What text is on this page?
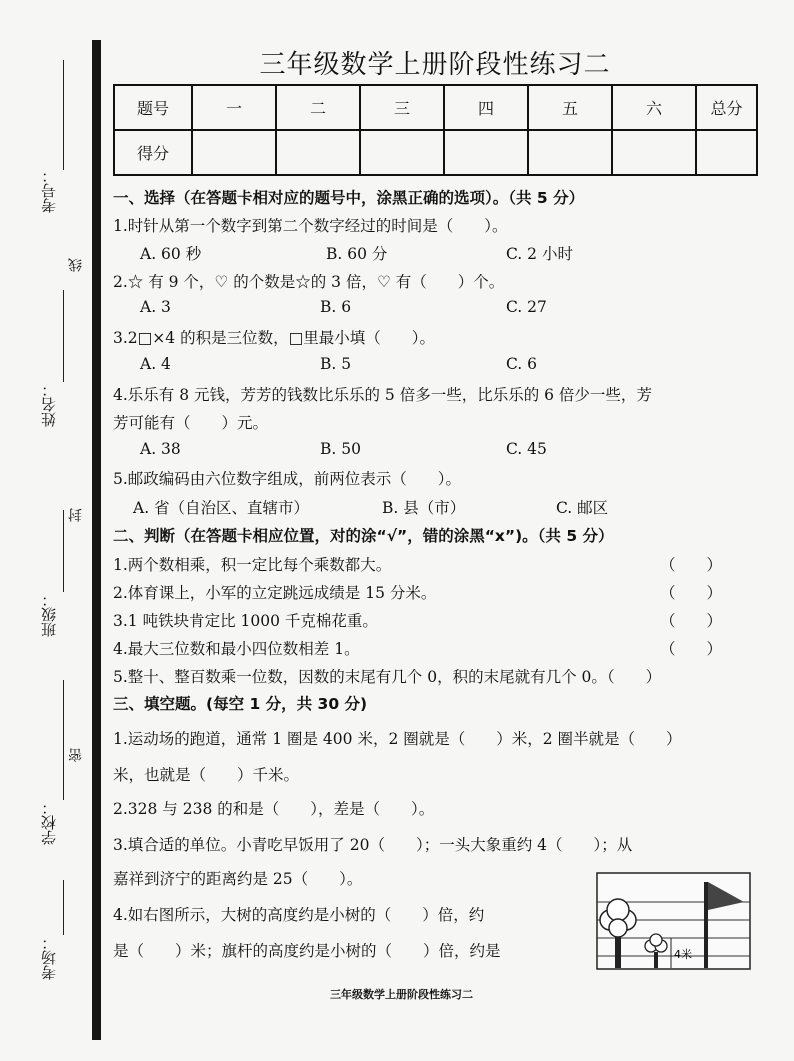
考号：
线
姓名：
封
班级：
密
学校：
考场：
三年级数学上册阶段性练习二
题号	一	二	三	四	五	六	总分
得分							
一、选择（在答题卡相对应的题号中，涂黑正确的选项）。（共 5 分）
1.时针从第一个数字到第二个数字经过的时间是（　　）。
A. 60 秒	B. 60 分	C. 2 小时
2.☆ 有 9 个，♡ 的个数是☆的 3 倍，♡ 有（　　）个。
A. 3	B. 6	C. 27
3.2□×4 的积是三位数，□里最小填（　　）。
A. 4	B. 5	C. 6
4.乐乐有 8 元钱，芳芳的钱数比乐乐的 5 倍多一些，比乐乐的 6 倍少一些，芳
芳可能有（　　）元。
A. 38	B. 50	C. 45
5.邮政编码由六位数字组成，前两位表示（　　）。
A. 省（自治区、直辖市）	B. 县（市）	C. 邮区
二、判断（在答题卡相应位置，对的涂“√”，错的涂黑“x”)。（共 5 分）
1.两个数相乘，积一定比每个乘数都大。	（　　）
2.体育课上，小军的立定跳远成绩是 15 分米。	（　　）
3.1 吨铁块肯定比 1000 千克棉花重。	（　　）
4.最大三位数和最小四位数相差 1。	（　　）
5.整十、整百数乘一位数，因数的末尾有几个 0，积的末尾就有几个 0。（　　）
三、填空题。(每空 1 分，共 30 分)
1.运动场的跑道，通常 1 圈是 400 米，2 圈就是（　　）米，2 圈半就是（　　）
米，也就是（　　）千米。
2.328 与 238 的和是（　　），差是（　　）。
3.填合适的单位。小青吃早饭用了 20（　　）；一头大象重约 4（　　）；从
嘉祥到济宁的距离约是 25（　　）。
4.如右图所示，大树的高度约是小树的（　　）倍，约
是（　　）米；旗杆的高度约是小树的（　　）倍，约是	4米
三年级数学上册阶段性练习二
